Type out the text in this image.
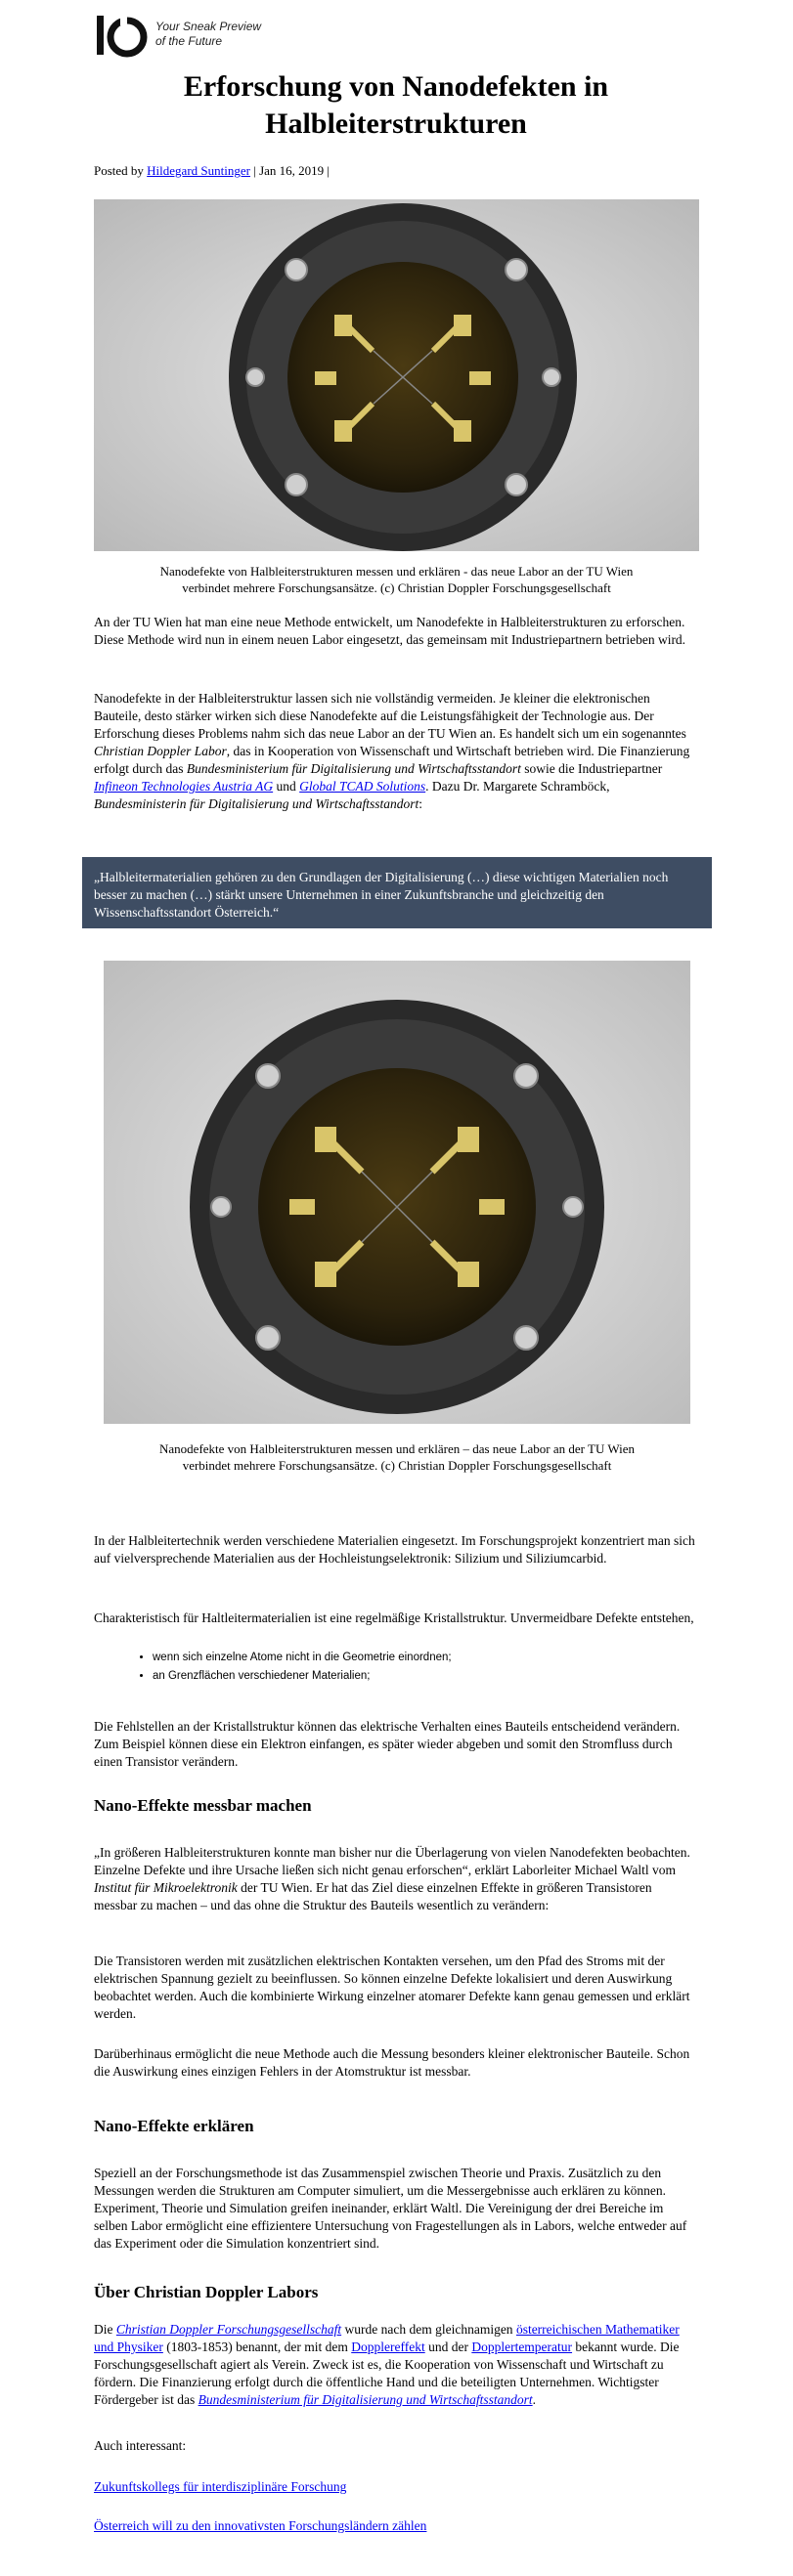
Your Sneak Preview
of the Future
Erforschung von Nanodefekten in Halbleiterstrukturen
Posted by Hildegard Suntinger | Jan 16, 2019 |
Nanodefekte von Halbleiterstrukturen messen und erklären - das neue Labor an der TU Wien
verbindet mehrere Forschungsansätze. (c) Christian Doppler Forschungsgesellschaft

An der TU Wien hat man eine neue Methode entwickelt, um Nanodefekte in Halbleiterstrukturen zu erforschen. Diese Methode wird nun in einem neuen Labor eingesetzt, das gemeinsam mit Industriepartnern betrieben wird.

Nanodefekte in der Halbleiterstruktur lassen sich nie vollständig vermeiden. Je kleiner die elektronischen Bauteile, desto stärker wirken sich diese Nanodefekte auf die Leistungsfähigkeit der Technologie aus. Der Erforschung dieses Problems nahm sich das neue Labor an der TU Wien an. Es handelt sich um ein sogenanntes Christian Doppler Labor, das in Kooperation von Wissenschaft und Wirtschaft betrieben wird. Die Finanzierung erfolgt durch das Bundesministerium für Digitalisierung und Wirtschaftsstandort sowie die Industriepartner Infineon Technologies Austria AG und Global TCAD Solutions. Dazu Dr. Margarete Schramböck, Bundesministerin für Digitalisierung und Wirtschaftsstandort:

„Halbleitermaterialien gehören zu den Grundlagen der Digitalisierung (…) diese wichtigen Materialien noch besser zu machen (…) stärkt unsere Unternehmen in einer Zukunftsbranche und gleichzeitig den Wissenschaftsstandort Österreich.“
Nanodefekte von Halbleiterstrukturen messen und erklären – das neue Labor an der TU Wien
verbindet mehrere Forschungsansätze. (c) Christian Doppler Forschungsgesellschaft

In der Halbleitertechnik werden verschiedene Materialien eingesetzt. Im Forschungsprojekt konzentriert man sich auf vielversprechende Materialien aus der Hochleistungselektronik: Silizium und Siliziumcarbid.

Charakteristisch für Haltleitermaterialien ist eine regelmäßige Kristallstruktur. Unvermeidbare Defekte entstehen,

• wenn sich einzelne Atome nicht in die Geometrie einordnen;
• an Grenzflächen verschiedener Materialien;

Die Fehlstellen an der Kristallstruktur können das elektrische Verhalten eines Bauteils entscheidend verändern. Zum Beispiel können diese ein Elektron einfangen, es später wieder abgeben und somit den Stromfluss durch einen Transistor verändern.

Nano-Effekte messbar machen

„In größeren Halbleiterstrukturen konnte man bisher nur die Überlagerung von vielen Nanodefekten beobachten. Einzelne Defekte und ihre Ursache ließen sich nicht genau erforschen“, erklärt Laborleiter Michael Waltl vom Institut für Mikroelektronik der TU Wien. Er hat das Ziel diese einzelnen Effekte in größeren Transistoren messbar zu machen – und das ohne die Struktur des Bauteils wesentlich zu verändern:

Die Transistoren werden mit zusätzlichen elektrischen Kontakten versehen, um den Pfad des Stroms mit der elektrischen Spannung gezielt zu beeinflussen. So können einzelne Defekte lokalisiert und deren Auswirkung beobachtet werden. Auch die kombinierte Wirkung einzelner atomarer Defekte kann genau gemessen und erklärt werden.

Darüberhinaus ermöglicht die neue Methode auch die Messung besonders kleiner elektronischer Bauteile. Schon die Auswirkung eines einzigen Fehlers in der Atomstruktur ist messbar.

Nano-Effekte erklären

Speziell an der Forschungsmethode ist das Zusammenspiel zwischen Theorie und Praxis. Zusätzlich zu den Messungen werden die Strukturen am Computer simuliert, um die Messergebnisse auch erklären zu können. Experiment, Theorie und Simulation greifen ineinander, erklärt Waltl. Die Vereinigung der drei Bereiche im selben Labor ermöglicht eine effizientere Untersuchung von Fragestellungen als in Labors, welche entweder auf das Experiment oder die Simulation konzentriert sind.

Über Christian Doppler Labors

Die Christian Doppler Forschungsgesellschaft wurde nach dem gleichnamigen österreichischen Mathematiker und Physiker (1803-1853) benannt, der mit dem Dopplereffekt und der Dopplertemperatur bekannt wurde. Die Forschungsgesellschaft agiert als Verein. Zweck ist es, die Kooperation von Wissenschaft und Wirtschaft zu fördern. Die Finanzierung erfolgt durch die öffentliche Hand und die beteiligten Unternehmen. Wichtigster Fördergeber ist das Bundesministerium für Digitalisierung und Wirtschaftsstandort.

Auch interessant:

Zukunftskollegs für interdisziplinäre Forschung

Österreich will zu den innovativsten Forschungsländern zählen
